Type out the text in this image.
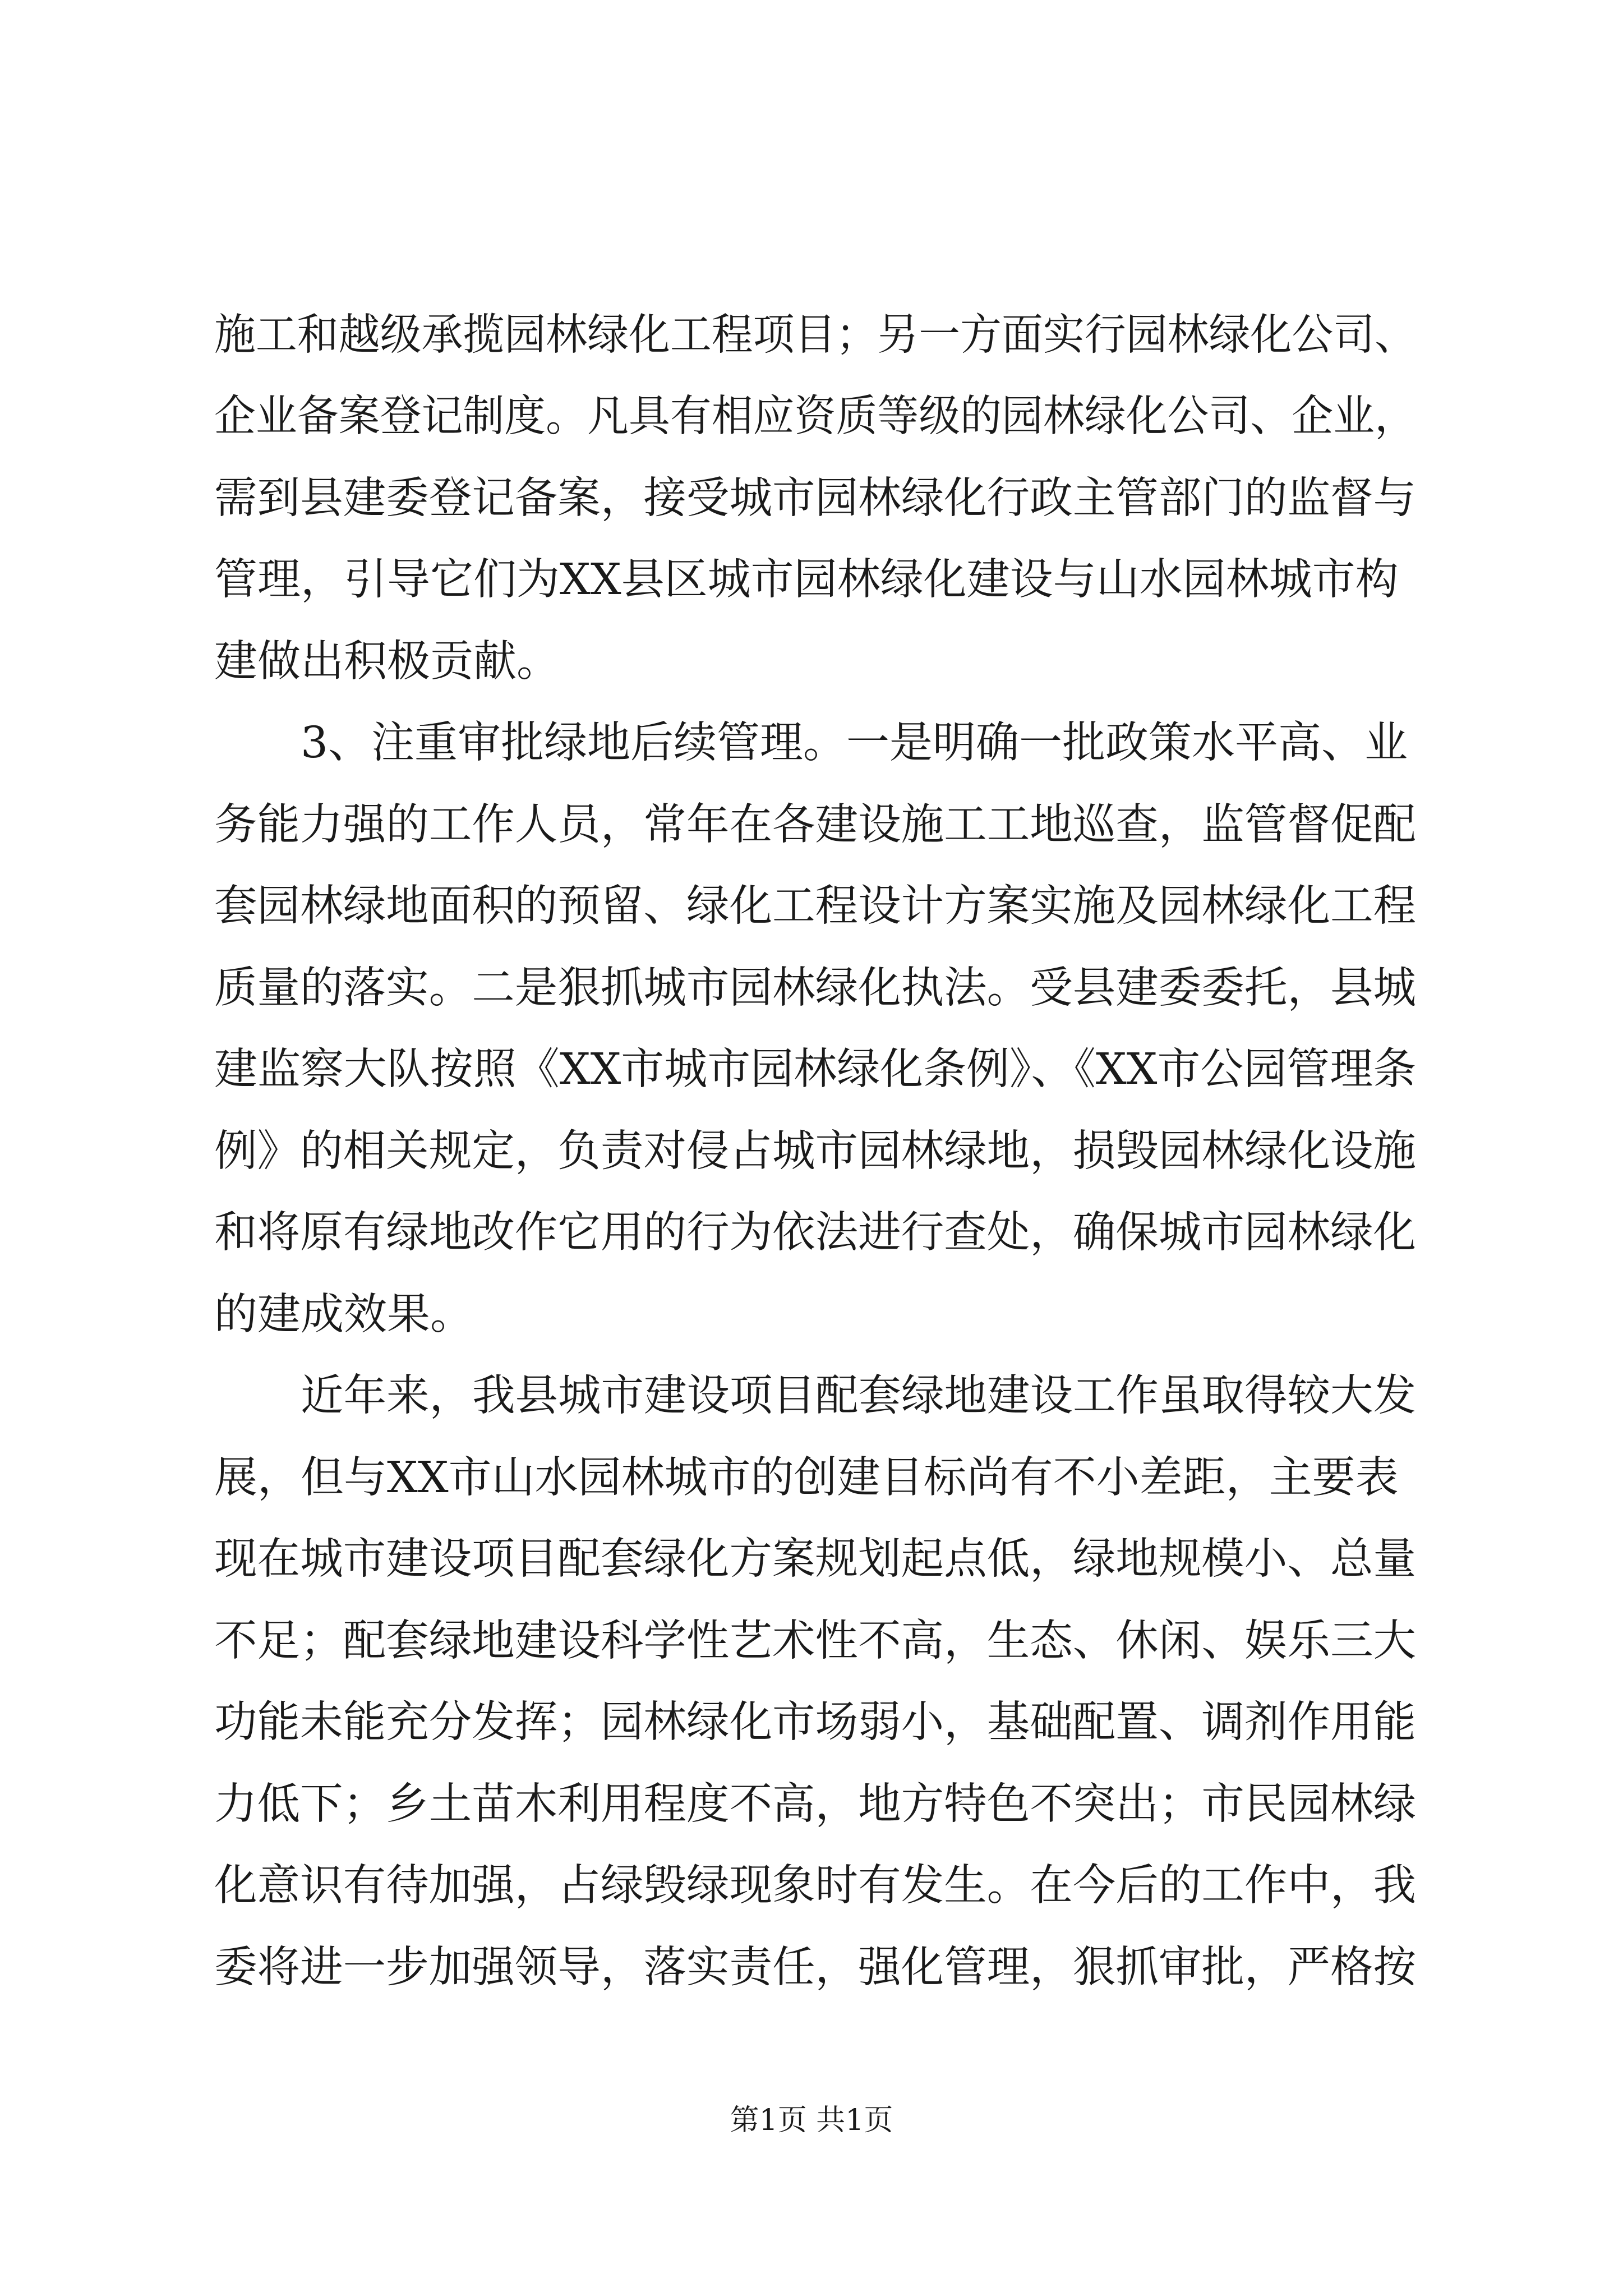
施工和越级承揽园林绿化工程项目；另一方面实行园林绿化公司、
企业备案登记制度。凡具有相应资质等级的园林绿化公司、企业，
需到县建委登记备案，接受城市园林绿化行政主管部门的监督与
管理，引导它们为XX县区城市园林绿化建设与山水园林城市构
建做出积极贡献。
3、注重审批绿地后续管理。一是明确一批政策水平高、业
务能力强的工作人员，常年在各建设施工工地巡查，监管督促配
套园林绿地面积的预留、绿化工程设计方案实施及园林绿化工程
质量的落实。二是狠抓城市园林绿化执法。受县建委委托，县城
建监察大队按照《XX市城市园林绿化条例》、《XX市公园管理条
例》的相关规定，负责对侵占城市园林绿地，损毁园林绿化设施
和将原有绿地改作它用的行为依法进行查处，确保城市园林绿化
的建成效果。
近年来，我县城市建设项目配套绿地建设工作虽取得较大发
展，但与XX市山水园林城市的创建目标尚有不小差距，主要表
现在城市建设项目配套绿化方案规划起点低，绿地规模小、总量
不足；配套绿地建设科学性艺术性不高，生态、休闲、娱乐三大
功能未能充分发挥；园林绿化市场弱小，基础配置、调剂作用能
力低下；乡土苗木利用程度不高，地方特色不突出；市民园林绿
化意识有待加强，占绿毁绿现象时有发生。在今后的工作中，我
委将进一步加强领导，落实责任，强化管理，狠抓审批，严格按
第1页 共1页
